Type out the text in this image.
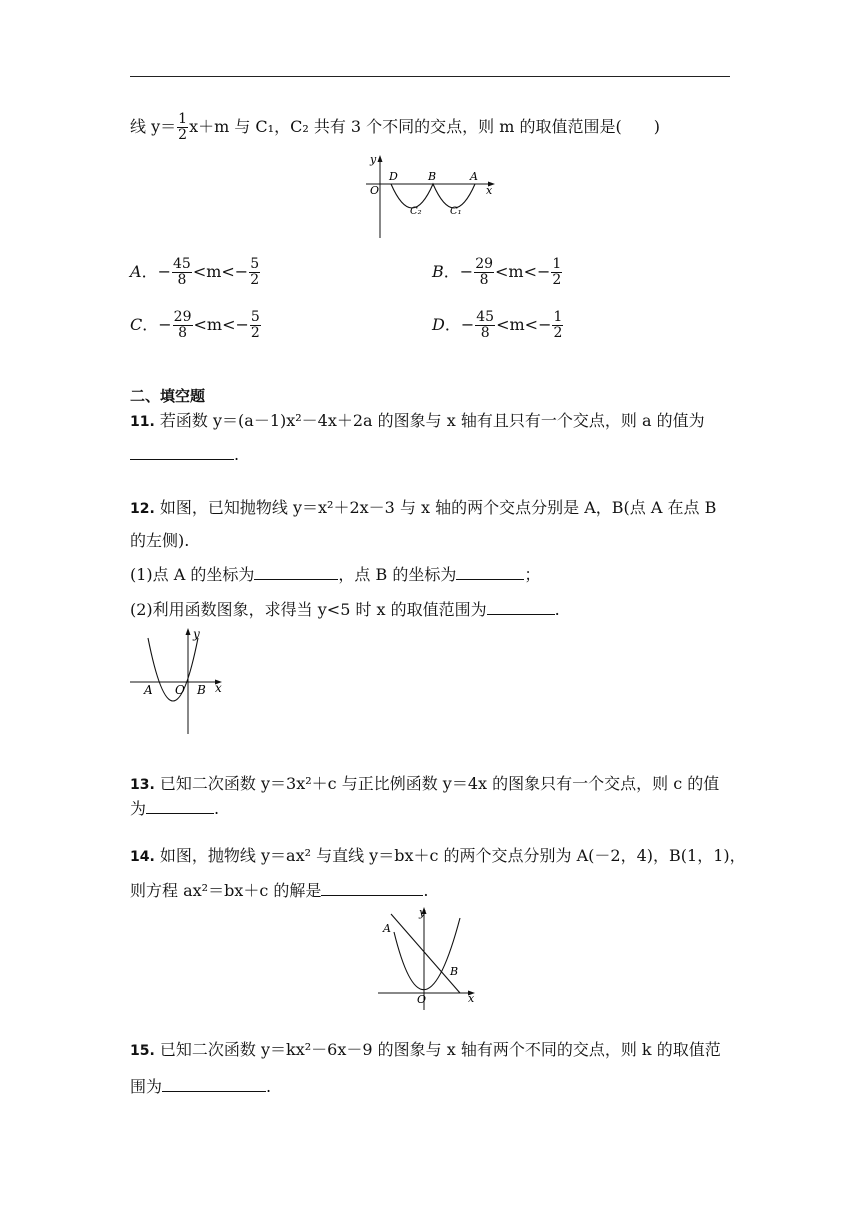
线 $y= \frac{1}{2} x+m$ 与 C₁，C₂ 共有 3 个不同的交点，则 m 的取值范围是(　　)
y
O	x
D	B	A
C₂	C₁
A．− $\frac{45}{8} <m<- \frac{5}{2}$	B．− $\frac{29}{8} <m<- \frac{1}{2}$
C．− $\frac{29}{8} <m<- \frac{5}{2}$	D．− $\frac{45}{8} <m<- \frac{1}{2}$
二、填空题
11. 若函数 y＝(a－1)x²－4x＋2a 的图象与 x 轴有且只有一个交点，则 a 的值为
.
12. 如图，已知抛物线 y＝x²＋2x－3 与 x 轴的两个交点分别是 A，B(点 A 在点 B
的左侧).
(1)点 A 的坐标为	，点 B 的坐标为	；
(2)利用函数图象，求得当 y<5 时 x 的取值范围为	.
y
A O B x
13. 已知二次函数 y＝3x²＋c 与正比例函数 y＝4x 的图象只有一个交点，则 c 的值
为	.
14. 如图，抛物线 y＝ax² 与直线 y＝bx＋c 的两个交点分别为 A(－2，4)，B(1，1)，
则方程 ax²＝bx＋c 的解是	.
y
A
B
O	x
15. 已知二次函数 y＝kx²－6x－9 的图象与 x 轴有两个不同的交点，则 k 的取值范
围为	.
